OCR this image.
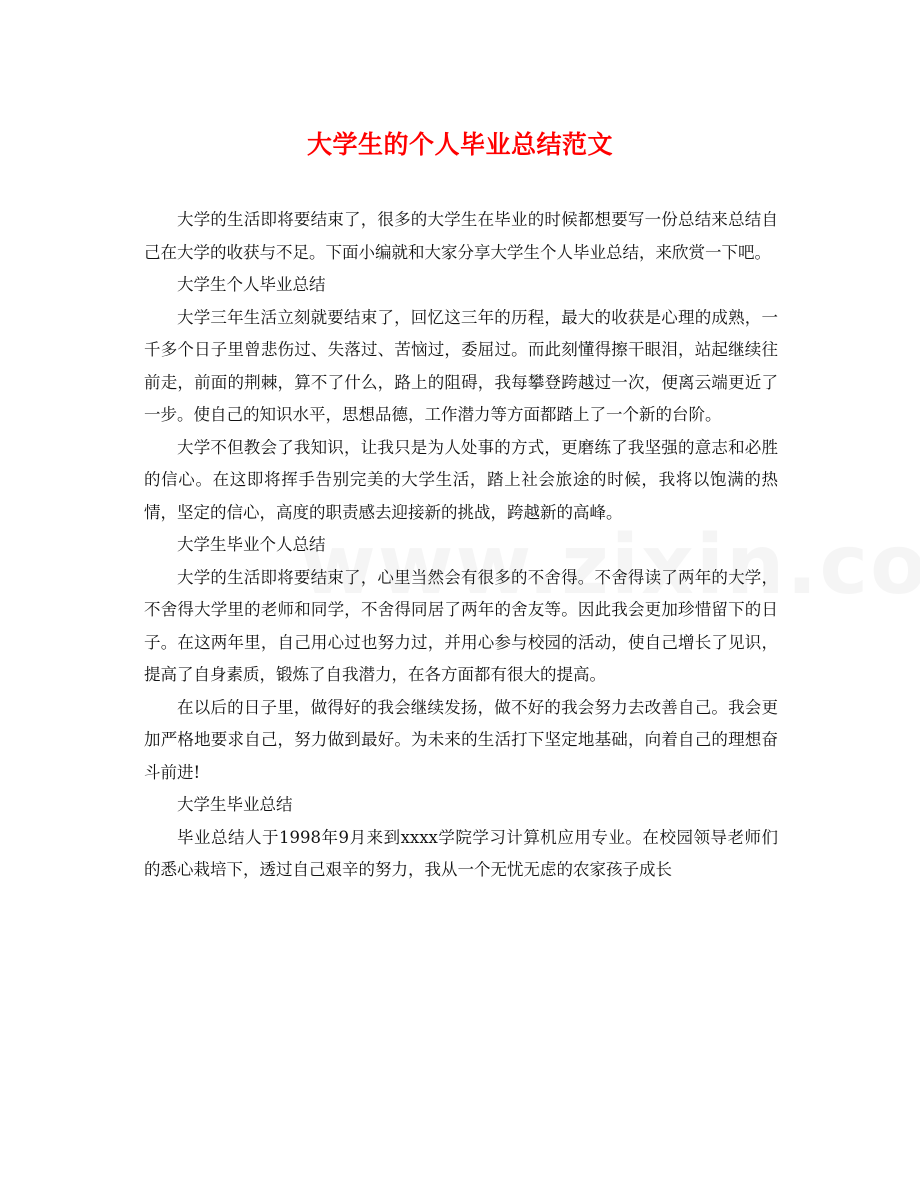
大学生的个人毕业总结范文

大学的生活即将要结束了，很多的大学生在毕业的时候都想要写一份总结来总结自己在大学的收获与不足。下面小编就和大家分享大学生个人毕业总结，来欣赏一下吧。

大学生个人毕业总结

大学三年生活立刻就要结束了，回忆这三年的历程，最大的收获是心理的成熟，一千多个日子里曾悲伤过、失落过、苦恼过，委屈过。而此刻懂得擦干眼泪，站起继续往前走，前面的荆棘，算不了什么，路上的阻碍，我每攀登跨越过一次，便离云端更近了一步。使自己的知识水平，思想品德，工作潜力等方面都踏上了一个新的台阶。

大学不但教会了我知识，让我只是为人处事的方式，更磨练了我坚强的意志和必胜的信心。在这即将挥手告别完美的大学生活，踏上社会旅途的时候，我将以饱满的热情，坚定的信心，高度的职责感去迎接新的挑战，跨越新的高峰。

大学生毕业个人总结

大学的生活即将要结束了，心里当然会有很多的不舍得。不舍得读了两年的大学，不舍得大学里的老师和同学，不舍得同居了两年的舍友等。因此我会更加珍惜留下的日子。在这两年里，自己用心过也努力过，并用心参与校园的活动，使自己增长了见识，提高了自身素质，锻炼了自我潜力，在各方面都有很大的提高。

在以后的日子里，做得好的我会继续发扬，做不好的我会努力去改善自己。我会更加严格地要求自己，努力做到最好。为未来的生活打下坚定地基础，向着自己的理想奋斗前进!

大学生毕业总结

毕业总结人于1998年9月来到xxxx学院学习计算机应用专业。在校园领导老师们的悉心栽培下，透过自己艰辛的努力，我从一个无忧无虑的农家孩子成长
